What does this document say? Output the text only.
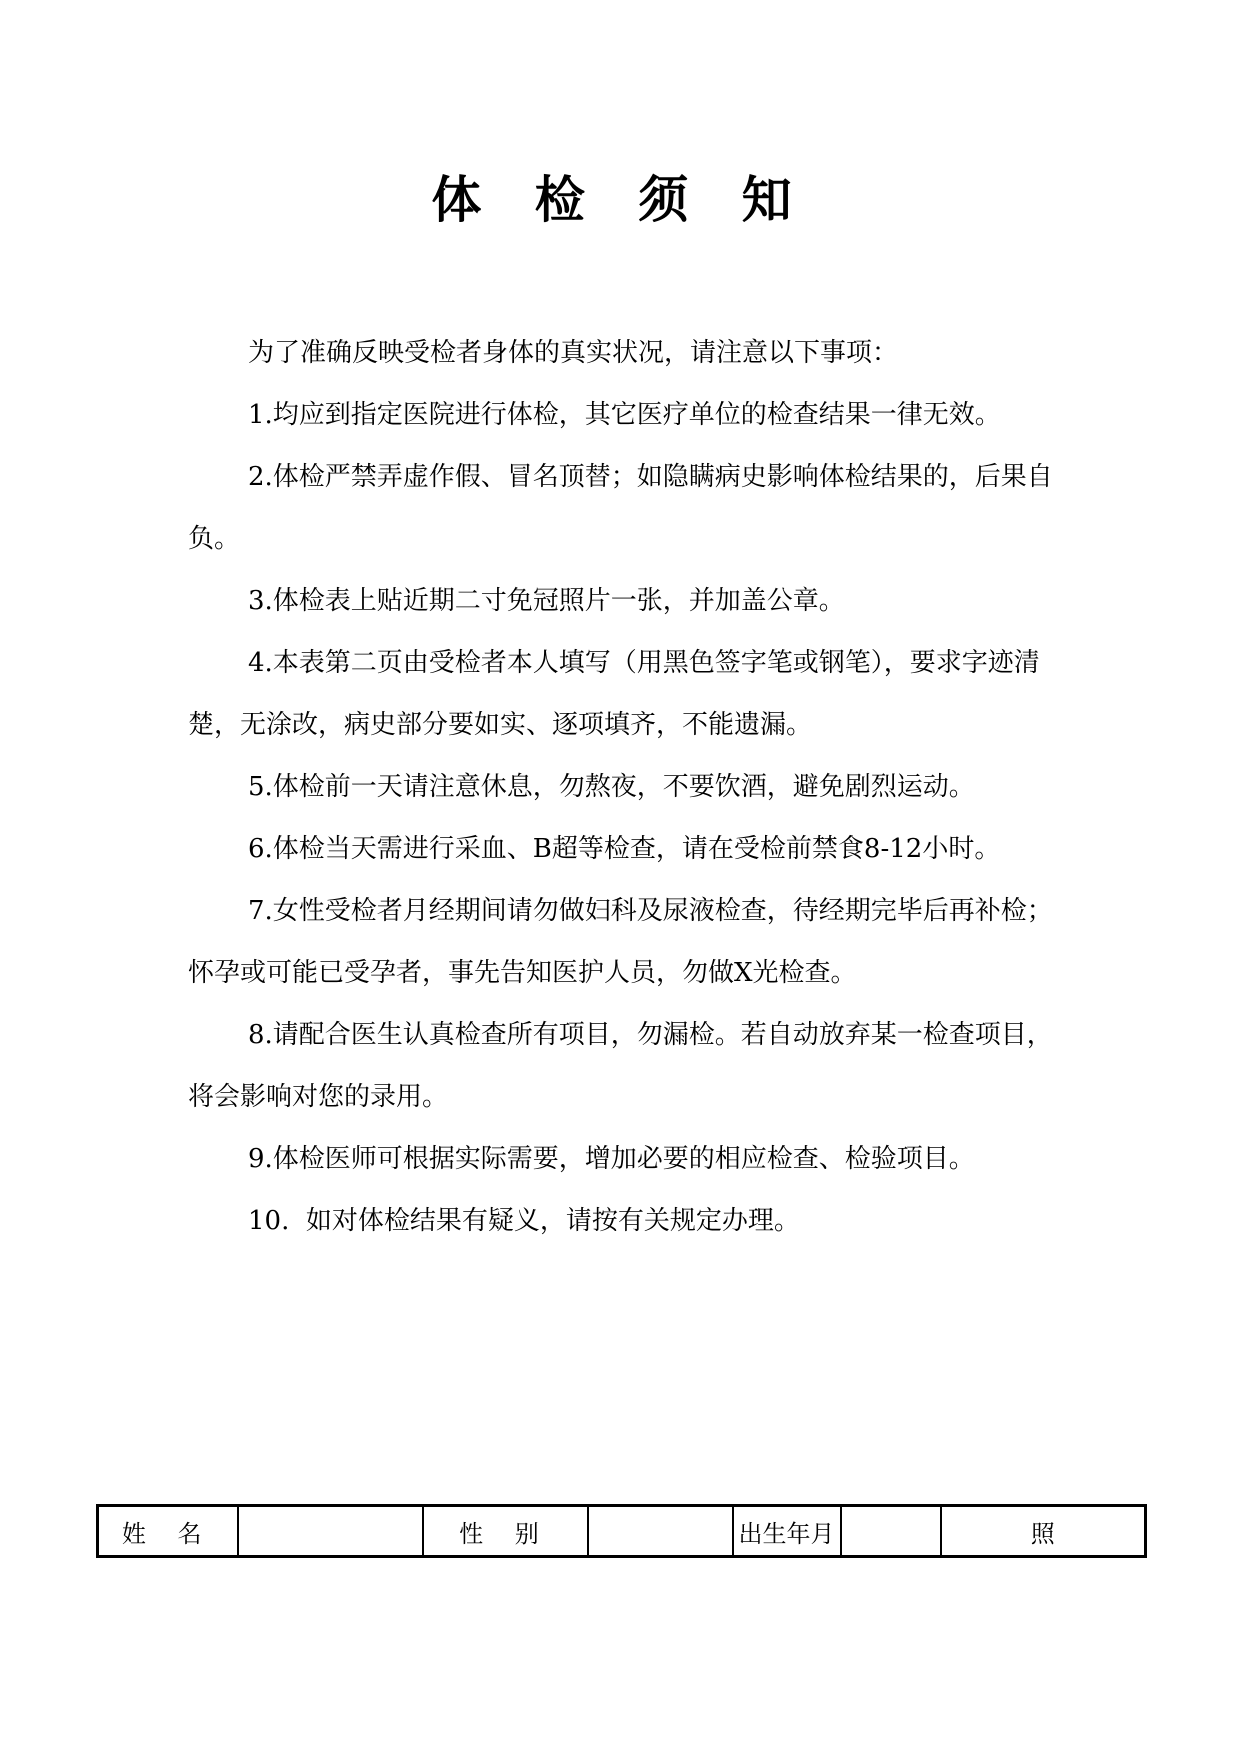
体 检 须 知

为了准确反映受检者身体的真实状况，请注意以下事项：

1.均应到指定医院进行体检，其它医疗单位的检查结果一律无效。

2.体检严禁弄虚作假、冒名顶替；如隐瞒病史影响体检结果的，后果自负。

3.体检表上贴近期二寸免冠照片一张，并加盖公章。

4.本表第二页由受检者本人填写（用黑色签字笔或钢笔），要求字迹清楚，无涂改，病史部分要如实、逐项填齐，不能遗漏。

5.体检前一天请注意休息，勿熬夜，不要饮酒，避免剧烈运动。

6.体检当天需进行采血、B超等检查，请在受检前禁食8-12小时。

7.女性受检者月经期间请勿做妇科及尿液检查，待经期完毕后再补检；怀孕或可能已受孕者，事先告知医护人员，勿做X光检查。

8.请配合医生认真检查所有项目，勿漏检。若自动放弃某一检查项目，将会影响对您的录用。

9.体检医师可根据实际需要，增加必要的相应检查、检验项目。

10.  如对体检结果有疑义，请按有关规定办理。

姓 名		性 别		出生年月		照
